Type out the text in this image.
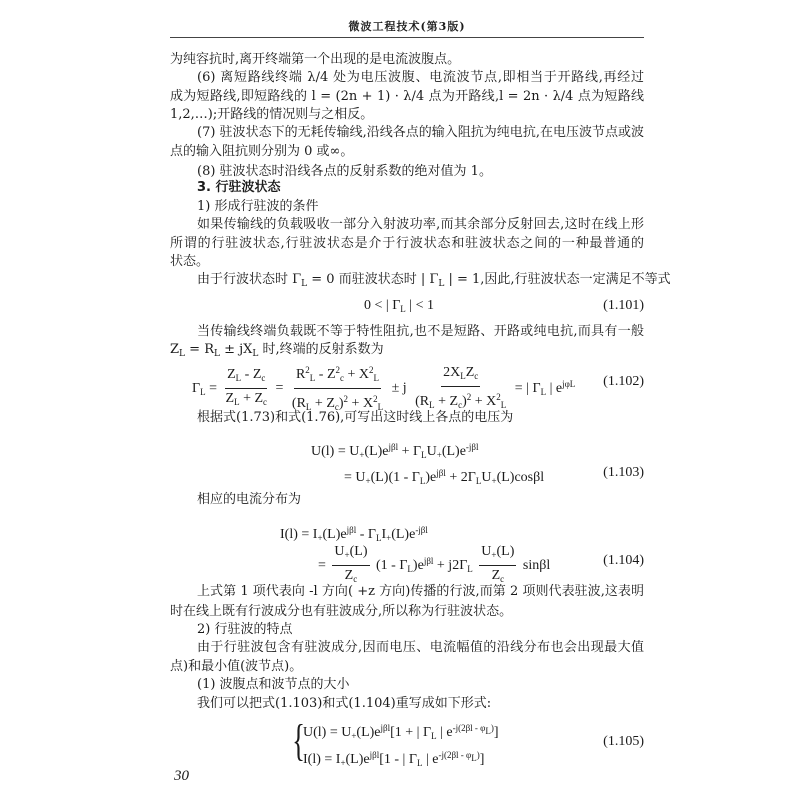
微波工程技术(第3版)
为纯容抗时,离开终端第一个出现的是电流波腹点。
(6) 离短路线终端 λ/4 处为电压波腹、电流波节点,即相当于开路线,再经过
成为短路线,即短路线的 l = (2n + 1) · λ/4 点为开路线,l = 2n · λ/4 点为短路线
1,2,…);开路线的情况则与之相反。
(7) 驻波状态下的无耗传输线,沿线各点的输入阻抗为纯电抗,在电压波节点或波
点的输入阻抗则分别为 0 或∞。
(8) 驻波状态时沿线各点的反射系数的绝对值为 1。
3. 行驻波状态
1) 形成行驻波的条件
如果传输线的负载吸收一部分入射波功率,而其余部分反射回去,这时在线上形
所谓的行驻波状态,行驻波状态是介于行波状态和驻波状态之间的一种最普通的
状态。
由于行波状态时 $\Gamma_L = 0$ 而驻波状态时 | $\Gamma_L$ | = 1,因此,行驻波状态一定满足不等式
0 < | $\Gamma_L$ | < 1	(1.101)
当传输线终端负载既不等于特性阻抗,也不是短路、开路或纯电抗,而具有一般
$Z_L = R_L \pm jX_L$ 时,终端的反射系数为
$\Gamma_L = \frac{Z_L - Z_c}{Z_L + Z_c} = \frac{R^2_L - Z^2_c + X^2_L}{(R_L + Z_c)^2 + X^2_L} \pm j \frac{2X_LZ_c}{(R_L + Z_c)^2 + X^2_L}$ = | $\Gamma_L$ | $e^{j\varphi L}$ (1.102)
根据式(1.73)和式(1.76),可写出这时线上各点的电压为
$U(l) = U_+(L)e^{j\beta l} + \Gamma_LU_+(L)e^{-j\beta l}$
= $U_+(L)(1 - \Gamma_L)e^{j\beta l} + 2\Gamma_LU_+(L)\cos\beta l$	(1.103)
相应的电流分布为
$I(l) = I_+(L)e^{j\beta l} - \Gamma_LI_+(L)e^{-j\beta l}$
= $\frac{U_+(L)}{Z_c} (1 - \Gamma_L)e^{j\beta l} + j2\Gamma_L \frac{U_+(L)}{Z_c}$ sinβl	(1.104)
上式第 1 项代表向 -l 方向( +z 方向)传播的行波,而第 2 项则代表驻波,这表明
时在线上既有行波成分也有驻波成分,所以称为行驻波状态。
2) 行驻波的特点
由于行驻波包含有驻波成分,因而电压、电流幅值的沿线分布也会出现最大值
点)和最小值(波节点)。
(1) 波腹点和波节点的大小
我们可以把式(1.103)和式(1.104)重写成如下形式:
{
$U(l) = U_+(L)e^{j\beta l}[1$ + | $\Gamma_L$ | $e^{-j(2\beta l - \varphi_L)}$]
$I(l) = I_+(L)e^{j\beta l}[1$ - | $\Gamma_L$ | $e^{-j(2\beta l - \varphi_L)}$]
(1.105)
30
